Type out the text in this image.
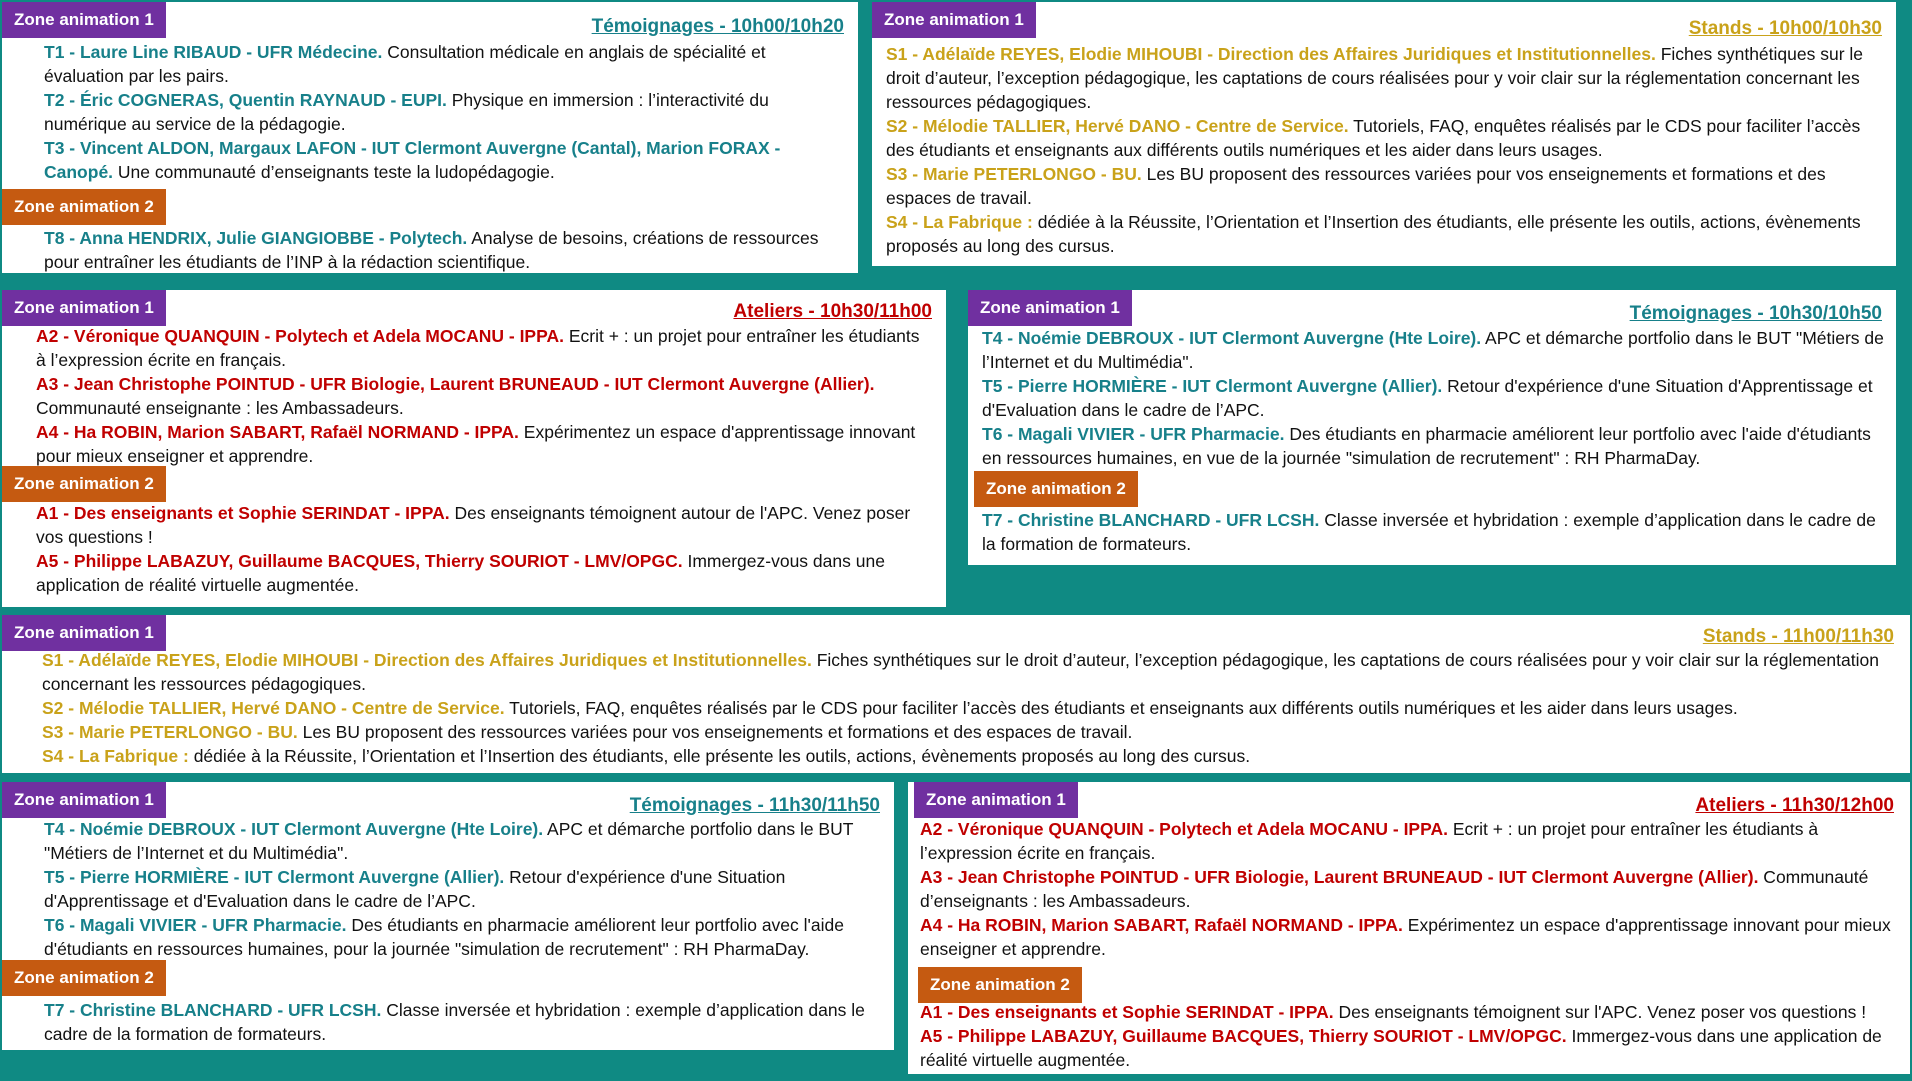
Zone animation 1	Témoignages - 10h00/10h20

T1 - Laure Line RIBAUD - UFR Médecine. Consultation médicale en anglais de spécialité et évaluation par les pairs.

T2 - Éric COGNERAS, Quentin RAYNAUD - EUPI. Physique en immersion : l’interactivité du numérique au service de la pédagogie.

T3 - Vincent ALDON, Margaux LAFON - IUT Clermont Auvergne (Cantal), Marion FORAX - Canopé. Une communauté d’enseignants teste la ludopédagogie.

Zone animation 2

T8 - Anna HENDRIX, Julie GIANGIOBBE - Polytech. Analyse de besoins, créations de ressources pour entraîner les étudiants de l’INP à la rédaction scientifique.

Zone animation 1	Stands - 10h00/10h30

S1 - Adélaïde REYES, Elodie MIHOUBI - Direction des Affaires Juridiques et Institutionnelles. Fiches synthétiques sur le droit d’auteur, l’exception pédagogique, les captations de cours réalisées pour y voir clair sur la réglementation concernant les ressources pédagogiques.

S2 - Mélodie TALLIER, Hervé DANO - Centre de Service. Tutoriels, FAQ, enquêtes réalisés par le CDS pour faciliter l’accès des étudiants et enseignants aux différents outils numériques et les aider dans leurs usages.

S3 - Marie PETERLONGO - BU. Les BU proposent des ressources variées pour vos enseignements et formations et des espaces de travail.

S4 - La Fabrique : dédiée à la Réussite, l’Orientation et l’Insertion des étudiants, elle présente les outils, actions, évènements proposés au long des cursus.

Zone animation 1	Ateliers - 10h30/11h00

A2 - Véronique QUANQUIN - Polytech et Adela MOCANU - IPPA. Ecrit + : un projet pour entraîner les étudiants à l’expression écrite en français.

A3 - Jean Christophe POINTUD - UFR Biologie, Laurent BRUNEAUD - IUT Clermont Auvergne (Allier). Communauté enseignante : les Ambassadeurs.

A4 - Ha ROBIN, Marion SABART, Rafaël NORMAND - IPPA. Expérimentez un espace d'apprentissage innovant pour mieux enseigner et apprendre.

Zone animation 2

A1 - Des enseignants et Sophie SERINDAT - IPPA. Des enseignants témoignent autour de l'APC. Venez poser vos questions !

A5 - Philippe LABAZUY, Guillaume BACQUES, Thierry SOURIOT - LMV/OPGC. Immergez-vous dans une application de réalité virtuelle augmentée.

Zone animation 1	Témoignages - 10h30/10h50

T4 - Noémie DEBROUX - IUT Clermont Auvergne (Hte Loire). APC et démarche portfolio dans le BUT "Métiers de l’Internet et du Multimédia".

T5 - Pierre HORMIÈRE - IUT Clermont Auvergne (Allier). Retour d'expérience d'une Situation d'Apprentissage et d'Evaluation dans le cadre de l’APC.

T6 - Magali VIVIER - UFR Pharmacie. Des étudiants en pharmacie améliorent leur portfolio avec l'aide d'étudiants en ressources humaines, en vue de la journée "simulation de recrutement" : RH PharmaDay.

Zone animation 2

T7 - Christine BLANCHARD - UFR LCSH. Classe inversée et hybridation : exemple d’application dans le cadre de la formation de formateurs.

Zone animation 1	Stands - 11h00/11h30

S1 - Adélaïde REYES, Elodie MIHOUBI - Direction des Affaires Juridiques et Institutionnelles. Fiches synthétiques sur le droit d’auteur, l’exception pédagogique, les captations de cours réalisées pour y voir clair sur la réglementation concernant les ressources pédagogiques.

S2 - Mélodie TALLIER, Hervé DANO - Centre de Service. Tutoriels, FAQ, enquêtes réalisés par le CDS pour faciliter l’accès des étudiants et enseignants aux différents outils numériques et les aider dans leurs usages.

S3 - Marie PETERLONGO - BU. Les BU proposent des ressources variées pour vos enseignements et formations et des espaces de travail.

S4 - La Fabrique : dédiée à la Réussite, l’Orientation et l’Insertion des étudiants, elle présente les outils, actions, évènements proposés au long des cursus.

Zone animation 1	Témoignages - 11h30/11h50

T4 - Noémie DEBROUX - IUT Clermont Auvergne (Hte Loire). APC et démarche portfolio dans le BUT "Métiers de l’Internet et du Multimédia".

T5 - Pierre HORMIÈRE - IUT Clermont Auvergne (Allier). Retour d'expérience d'une Situation d'Apprentissage et d'Evaluation dans le cadre de l’APC.

T6 - Magali VIVIER - UFR Pharmacie. Des étudiants en pharmacie améliorent leur portfolio avec l'aide d'étudiants en ressources humaines, pour la journée "simulation de recrutement" : RH PharmaDay.

Zone animation 2

T7 - Christine BLANCHARD - UFR LCSH. Classe inversée et hybridation : exemple d’application dans le cadre de la formation de formateurs.

Zone animation 1	Ateliers - 11h30/12h00

A2 - Véronique QUANQUIN - Polytech et Adela MOCANU - IPPA. Ecrit + : un projet pour entraîner les étudiants à l’expression écrite en français.

A3 - Jean Christophe POINTUD - UFR Biologie, Laurent BRUNEAUD - IUT Clermont Auvergne (Allier). Communauté d’enseignants : les Ambassadeurs.

A4 - Ha ROBIN, Marion SABART, Rafaël NORMAND - IPPA. Expérimentez un espace d'apprentissage innovant pour mieux enseigner et apprendre.

Zone animation 2

A1 - Des enseignants et Sophie SERINDAT - IPPA. Des enseignants témoignent sur l'APC. Venez poser vos questions !

A5 - Philippe LABAZUY, Guillaume BACQUES, Thierry SOURIOT - LMV/OPGC. Immergez-vous dans une application de réalité virtuelle augmentée.
